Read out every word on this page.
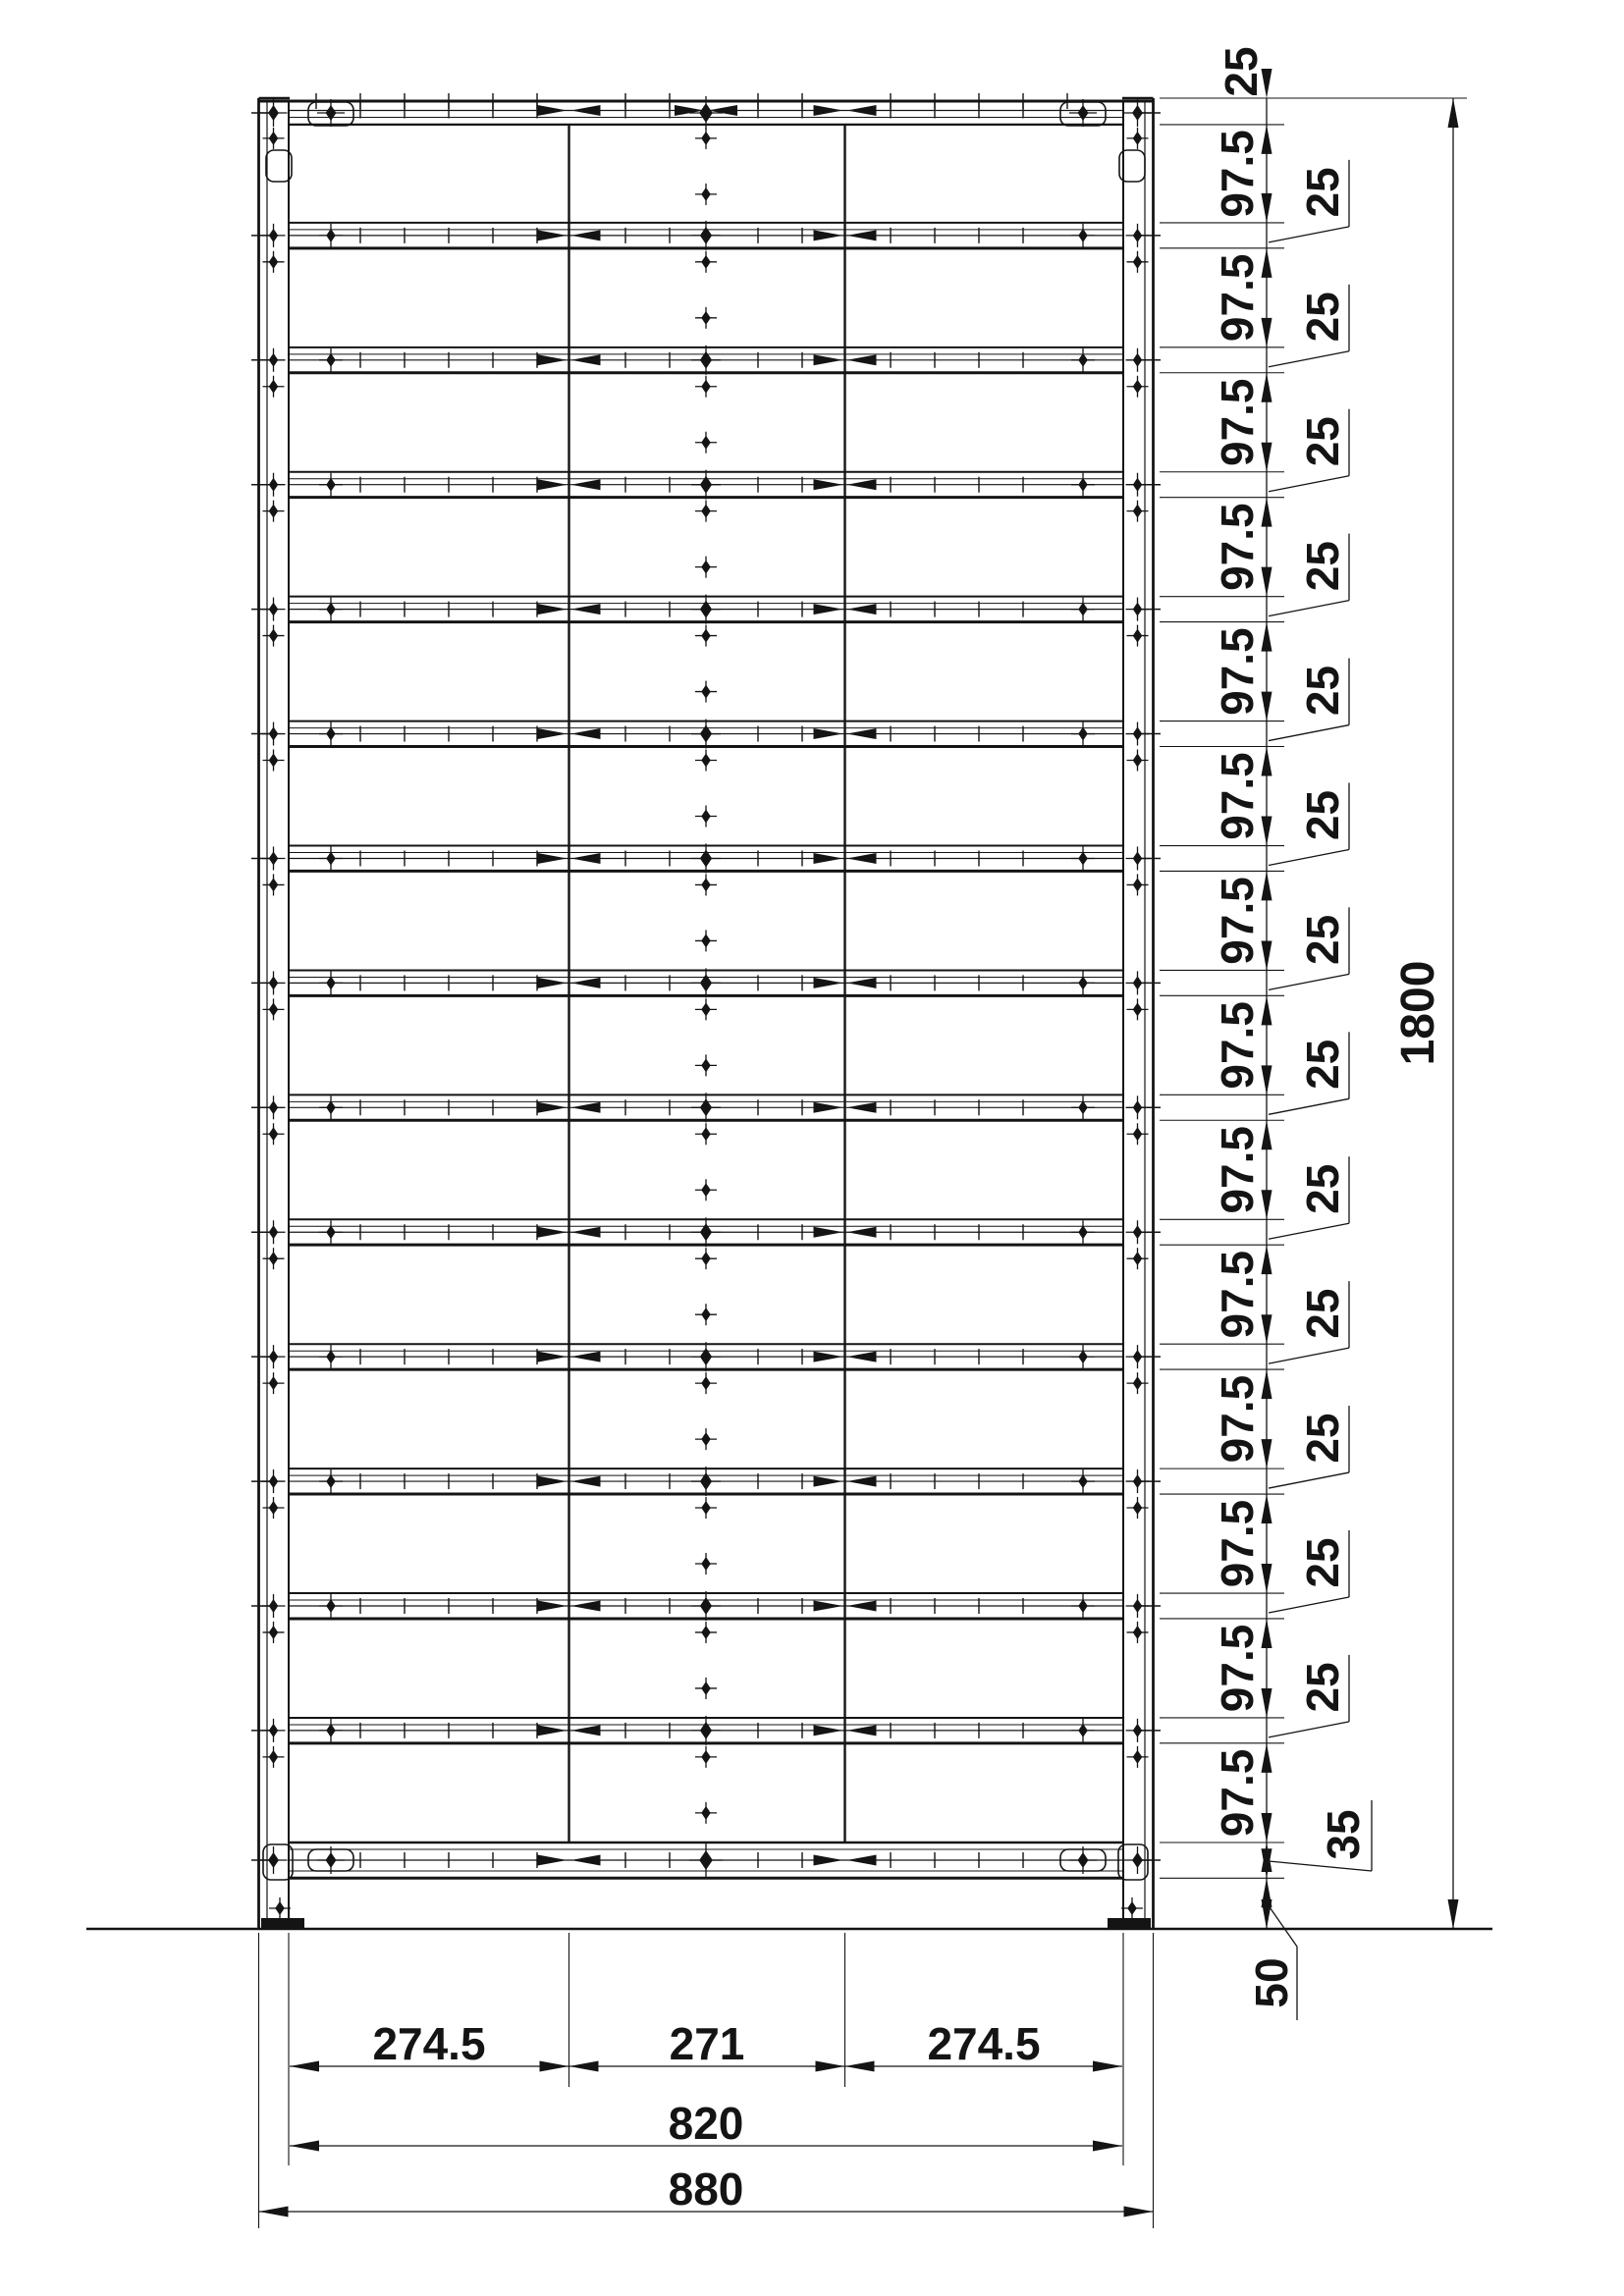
97.5 25
97.5 25
97.5 25
97.5 25
97.5 25
97.5 25
97.5 25
97.5 25
97.5 25
97.5 25
97.5 25
97.5 25
97.5 25
97.5 35
50
25
1800
274.5	271	274.5
820
880
